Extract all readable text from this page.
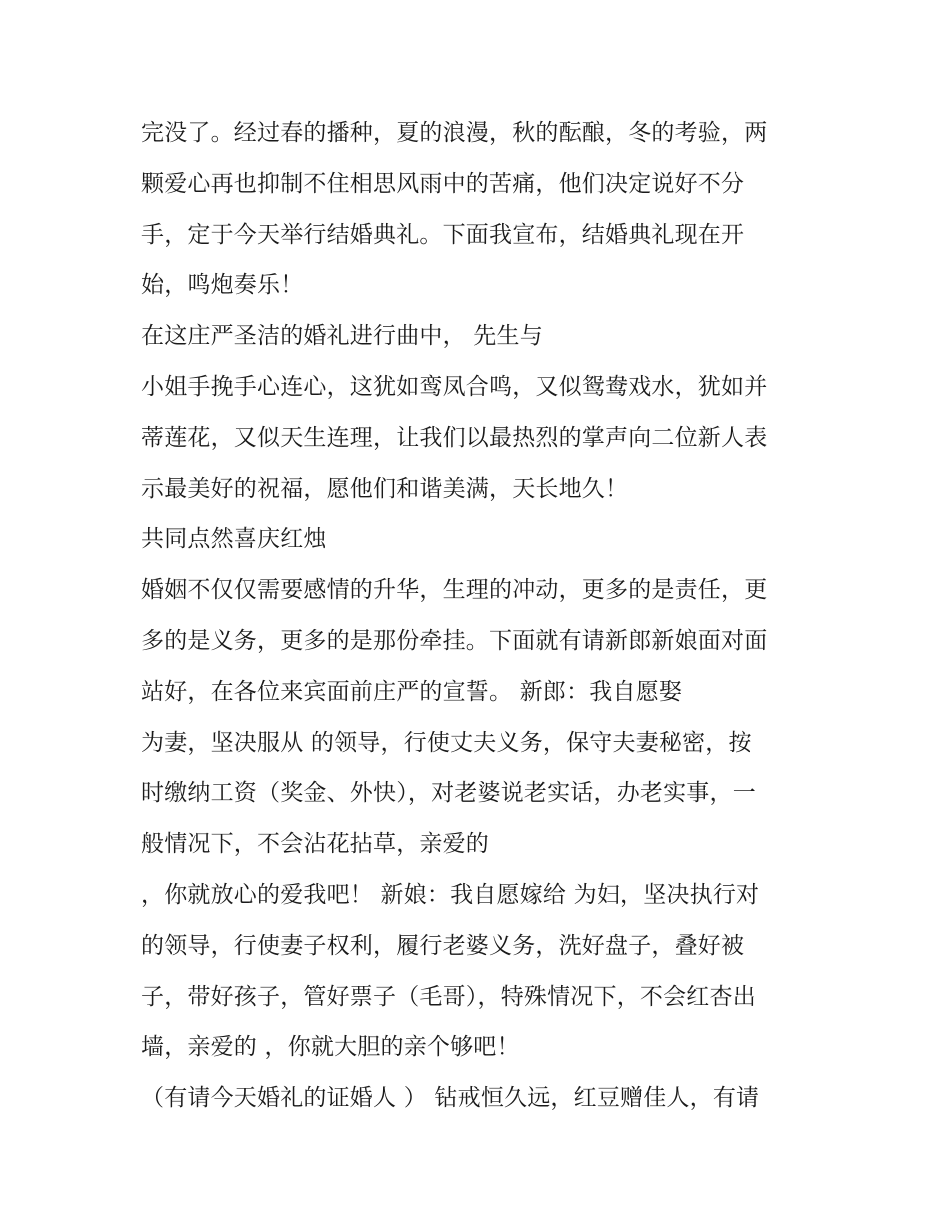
完没了。经过春的播种，夏的浪漫，秋的酝酿，冬的考验，两
颗爱心再也抑制不住相思风雨中的苦痛，他们决定说好不分
手，定于今天举行结婚典礼。下面我宣布，结婚典礼现在开
始，鸣炮奏乐！
在这庄严圣洁的婚礼进行曲中， 先生与
小姐手挽手心连心，这犹如鸾凤合鸣，又似鸳鸯戏水，犹如并
蒂莲花，又似天生连理，让我们以最热烈的掌声向二位新人表
示最美好的祝福，愿他们和谐美满，天长地久！
共同点然喜庆红烛
婚姻不仅仅需要感情的升华，生理的冲动，更多的是责任，更
多的是义务，更多的是那份牵挂。下面就有请新郎新娘面对面
站好，在各位来宾面前庄严的宣誓。 新郎：我自愿娶
为妻，坚决服从 的领导，行使丈夫义务，保守夫妻秘密，按
时缴纳工资（奖金、外快），对老婆说老实话，办老实事，一
般情况下，不会沾花拈草，亲爱的
，你就放心的爱我吧！ 新娘：我自愿嫁给 为妇，坚决执行对
的领导，行使妻子权利，履行老婆义务，洗好盘子，叠好被
子，带好孩子，管好票子（毛哥），特殊情况下，不会红杏出
墙，亲爱的 ，你就大胆的亲个够吧！
（有请今天婚礼的证婚人 ） 钻戒恒久远，红豆赠佳人，有请
